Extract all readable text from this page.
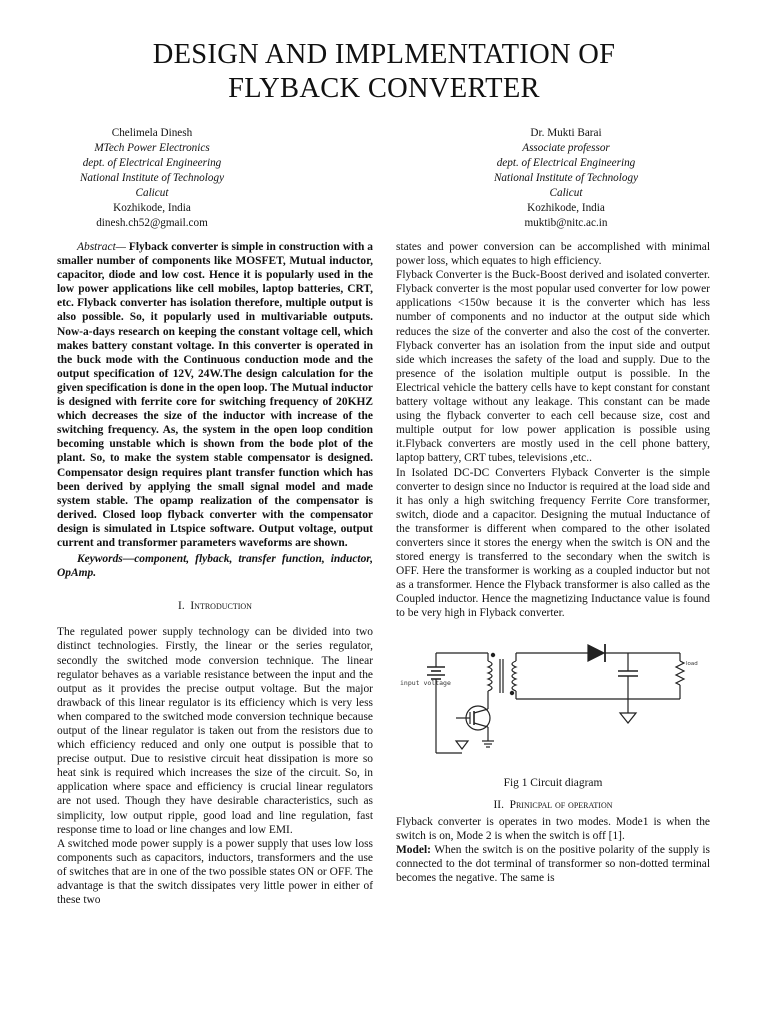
DESIGN AND IMPLMENTATION OF
FLYBACK CONVERTER
Chelimela Dinesh
MTech Power Electronics
dept. of Electrical Engineering
National Institute of Technology
Calicut
Kozhikode, India
dinesh.ch52@gmail.com
Dr. Mukti Barai
Associate professor
dept. of Electrical Engineering
National Institute of Technology
Calicut
Kozhikode, India
muktib@nitc.ac.in

Abstract— Flyback converter is simple in construction with a smaller number of components like MOSFET, Mutual inductor, capacitor, diode and low cost. Hence it is popularly used in the low power applications like cell mobiles, laptop batteries, CRT, etc. Flyback converter has isolation therefore, multiple output is also possible. So, it popularly used in multivariable outputs. Now-a-days research on keeping the constant voltage cell, which makes battery constant voltage. In this converter is operated in the buck mode with the Continuous conduction mode and the output specification of 12V, 24W.The design calculation for the given specification is done in the open loop. The Mutual inductor is designed with ferrite core for switching frequency of 20KHZ which decreases the size of the inductor with increase of the switching frequency. As, the system in the open loop condition becoming unstable which is shown from the bode plot of the plant. So, to make the system stable compensator is designed. Compensator design requires plant transfer function which has been derived by applying the small signal model and made system stable. The opamp realization of the compensator is derived. Closed loop flyback converter with the compensator design is simulated in Ltspice software. Output voltage, output current and transformer parameters waveforms are shown.

Keywords—component, flyback, transfer function, inductor, OpAmp.

I. Introduction

The regulated power supply technology can be divided into two distinct technologies. Firstly, the linear or the series regulator, secondly the switched mode conversion technique. The linear regulator behaves as a variable resistance between the input and the output as it provides the precise output voltage. But the major drawback of this linear regulator is its efficiency which is very less when compared to the switched mode conversion technique because output of the linear regulator is taken out from the resistors due to which efficiency reduced and only one output is possible that to precise output. Due to resistive circuit heat dissipation is more so heat sink is required which increases the size of the circuit. So, in application where space and efficiency is crucial linear regulators are not used. Though they have desirable characteristics, such as simplicity, low output ripple, good load and line regulation, fast response time to load or line changes and low EMI.

A switched mode power supply is a power supply that uses low loss components such as capacitors, inductors, transformers and the use of switches that are in one of the two possible states ON or OFF. The advantage is that the switch dissipates very little power in either of these two

states and power conversion can be accomplished with minimal power loss, which equates to high efficiency.

Flyback Converter is the Buck-Boost derived and isolated converter. Flyback converter is the most popular used converter for low power applications <150w because it is the converter which has less number of components and no inductor at the output side which reduces the size of the converter and also the cost of the converter. Flyback converter has an isolation from the input side and output side which increases the safety of the load and supply. Due to the presence of the isolation multiple output is possible. In the Electrical vehicle the battery cells have to kept constant for constant battery voltage without any leakage. This constant can be made using the flyback converter to each cell because size, cost and multiple output for low power application is possible using it.Flyback converters are mostly used in the cell phone battery, laptop battery, CRT tubes, televisions ,etc..

In Isolated DC-DC Converters Flyback Converter is the simple converter to design since no Inductor is required at the load side and it has only a high switching frequency Ferrite Core transformer, switch, diode and a capacitor. Designing the mutual Inductance of the transformer is different when compared to the other isolated converters since it stores the energy when the switch is ON and the stored energy is transferred to the secondary when the switch is OFF. Here the transformer is working as a coupled inductor but not as a transformer. Hence the Flyback transformer is also called as the Coupled inductor. Hence the magnetizing Inductance value is found to be very high in Flyback converter.

input voltage
load
Fig 1 Circuit diagram
II. Prinicpal of operation

Flyback converter is operates in two modes. Mode1 is when the switch is on, Mode 2 is when the switch is off [1].

Model: When the switch is on the positive polarity of the supply is connected to the dot terminal of transformer so non-dotted terminal becomes the negative. The same is
